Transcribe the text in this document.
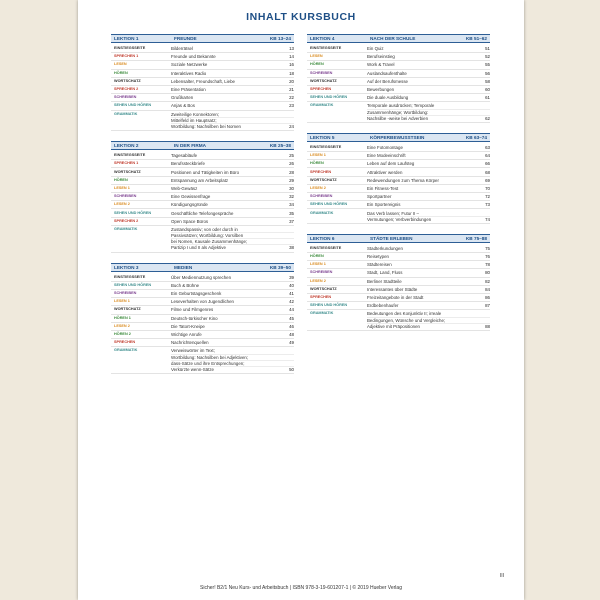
INHALT KURSBUCH
LEKTION 1	FREUNDE	KB 13–24
EINSTIEGSSEITE	Bilderrätsel	13
SPRECHEN 1	Freunde und Bekannte	14
LESEN	Soziale Netzwerke	16
HÖREN	Interaktives Radio	18
WORTSCHATZ	Lebensalter, Freundschaft, Liebe	20
SPRECHEN 2	Eine Präsentation	21
SCHREIBEN	Grußkarten	22
SEHEN UND HÖREN	Anjas & Bos	23
GRAMMATIK	Zweiteilige Konnektoren;
Mittelfeld im Hauptsatz;
Wortbildung: Nachsilben bei Nomen	24
LEKTION 2	IN DER FIRMA	KB 25–38
EINSTIEGSSEITE	Tagesabläufe	25
SPRECHEN 1	Berufssteckbriefe	26
WORTSCHATZ	Positionen und Tätigkeiten im Büro	28
HÖREN	Entspannung am Arbeitsplatz	29
LESEN 1	Web-Gewäsz	30
SCHREIBEN	Eine Gewissenfrage	32
LESEN 2	Kündigungsgründe	34
SEHEN UND HÖREN	Geschäftliche Telefongespräche	35
SPRECHEN 2	Open Space Büros	37
GRAMMATIK	Zustandspassiv; von oder durch in
Passivsätzen; Wortbildung: Vorsilben
bei Nomen, Kausale Zusammenhänge;
Partizip I und II als Adjektive	38
LEKTION 3	MEDIEN	KB 39–50
EINSTIEGSSEITE	Über Mediennutzung sprechen	39
SEHEN UND HÖREN	Buch & Bühne	40
SCHREIBEN	Ein Geburtstagsgeschenk	41
LESEN 1	Leseverhalten von Jugendlichen	42
WORTSCHATZ	Filme und Filmgenres	44
HÖREN 1	Deutsch-türkischer Kino	45
LESEN 2	Die Tatort-Kneipe	46
HÖREN 2	Wichtige Anrufe	48
SPRECHEN	Nachrichtenquellen	49
GRAMMATIK	Verweiswörter im Text;
Wortbildung: Nachsilben bei Adjektiven;
dass-Sätze und ihre Entsprechungen;
Verkürzte wenn-Sätze	50
LEKTION 4	NACH DER SCHULE	KB 51–62
EINSTIEGSSEITE	Ein Quiz	51
LESEN	Berufseinstieg	52
HÖREN	Work & Travel	55
SCHREIBEN	Auslandsaufenthalte	56
WORTSCHATZ	Auf der Berufsmesse	58
SPRECHEN	Bewerbungen	60
SEHEN UND HÖREN	Die duale Ausbildung	61
GRAMMATIK	Temporale ausdrücken; Temporale
Zusammenhänge; Wortbildung:
Nachsilbe -weise bei Adverbien	62
LEKTION 5	KÖRPERBEWUSSTSEIN	KB 63–74
EINSTIEGSSEITE	Eine Fotomontage	63
LESEN 1	Eine Modeeinschrift	64
HÖREN	Leben auf dem Laufsteg	66
SPRECHEN	Attraktiver werden	68
WORTSCHATZ	Redewendungen zum Thema Körper	69
LESEN 2	Ein Fitness-Test	70
SCHREIBEN	Sportpartner	72
SEHEN UND HÖREN	Ein Sportereignis	73
GRAMMATIK	Das Verb lassen; Futur II –
Vermutungen; Verbverbindungen	74
LEKTION 6	STÄDTE ERLEBEN	KB 75–88
EINSTIEGSSEITE	Stadterkundungen	75
HÖREN	Reisetypen	76
LESEN 1	Städtereisen	78
SCHREIBEN	Stadt, Land, Fluss	80
LESEN 2	Berliner Stadtteile	82
WORTSCHATZ	Interessantes über Städte	84
SPRECHEN	Freizeitangebote in der Stadt	86
SEHEN UND HÖREN	Erdbebenhaufer	87
GRAMMATIK	Bedeutungen des Konjunktiv II; irreale
Bedingungen, Wünsche und Vergleiche;
Adjektive mit Präpositionen	88
III
Sicher! B2/1 Neu Kurs- und Arbeitsbuch | ISBN 978-3-19-601207-1 | © 2019 Hueber Verlag
